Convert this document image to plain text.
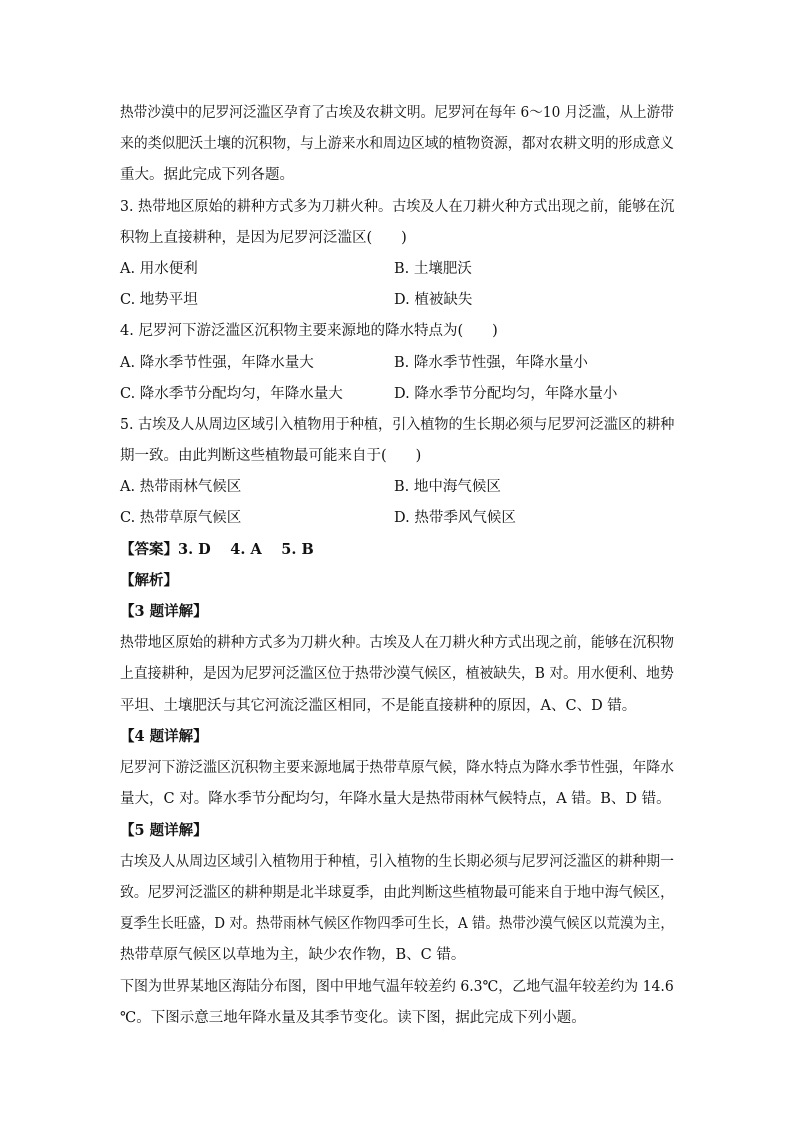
热带沙漠中的尼罗河泛滥区孕育了古埃及农耕文明。尼罗河在每年 6～10 月泛滥，从上游带
来的类似肥沃土壤的沉积物，与上游来水和周边区域的植物资源，都对农耕文明的形成意义
重大。据此完成下列各题。
3. 热带地区原始的耕种方式多为刀耕火种。古埃及人在刀耕火种方式出现之前，能够在沉
积物上直接耕种，是因为尼罗河泛滥区(　　)
A. 用水便利	B. 土壤肥沃
C. 地势平坦	D. 植被缺失
4. 尼罗河下游泛滥区沉积物主要来源地的降水特点为(　　)
A. 降水季节性强，年降水量大	B. 降水季节性强，年降水量小
C. 降水季节分配均匀，年降水量大	D. 降水季节分配均匀，年降水量小
5. 古埃及人从周边区域引入植物用于种植，引入植物的生长期必须与尼罗河泛滥区的耕种
期一致。由此判断这些植物最可能来自于(　　)
A. 热带雨林气候区	B. 地中海气候区
C. 热带草原气候区	D. 热带季风气候区
【答案】3. D　 4. A　 5. B
【解析】
【3 题详解】
热带地区原始的耕种方式多为刀耕火种。古埃及人在刀耕火种方式出现之前，能够在沉积物
上直接耕种，是因为尼罗河泛滥区位于热带沙漠气候区，植被缺失，B 对。用水便利、地势
平坦、土壤肥沃与其它河流泛滥区相同，不是能直接耕种的原因，A、C、D 错。
【4 题详解】
尼罗河下游泛滥区沉积物主要来源地属于热带草原气候，降水特点为降水季节性强，年降水
量大，C 对。降水季节分配均匀，年降水量大是热带雨林气候特点，A 错。B、D 错。
【5 题详解】
古埃及人从周边区域引入植物用于种植，引入植物的生长期必须与尼罗河泛滥区的耕种期一
致。尼罗河泛滥区的耕种期是北半球夏季，由此判断这些植物最可能来自于地中海气候区，
夏季生长旺盛，D 对。热带雨林气候区作物四季可生长，A 错。热带沙漠气候区以荒漠为主，
热带草原气候区以草地为主，缺少农作物，B、C 错。
下图为世界某地区海陆分布图，图中甲地气温年较差约 6.3℃，乙地气温年较差约为 14.6
℃。下图示意三地年降水量及其季节变化。读下图，据此完成下列小题。
